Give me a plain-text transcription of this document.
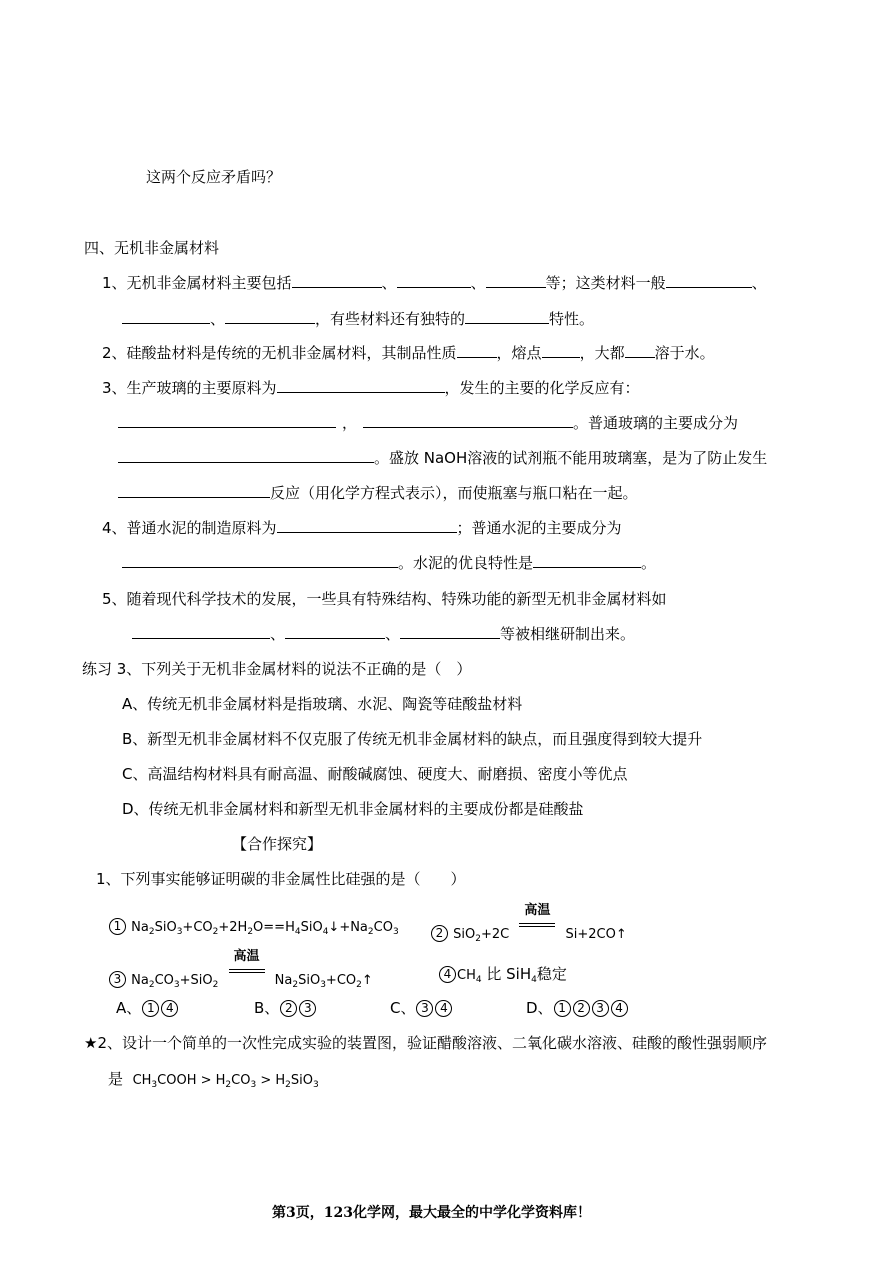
这两个反应矛盾吗？
四、无机非金属材料
1、无机非金属材料主要包括	、	、	等；这类材料一般	、
、	，有些材料还有独特的	特性。
2、硅酸盐材料是传统的无机非金属材料，其制品性质	，熔点	，大都 溶于水。
3、生产玻璃的主要原料为	，发生的主要的化学反应有：
，	。普通玻璃的主要成分为
。盛放 NaOH溶液的试剂瓶不能用玻璃塞，是为了防止发生
反应（用化学方程式表示），而使瓶塞与瓶口粘在一起。
4、普通水泥的制造原料为	；普通水泥的主要成分为
。水泥的优良特性是	。
5、随着现代科学技术的发展，一些具有特殊结构、特殊功能的新型无机非金属材料如
、	、	等被相继研制出来。
练习 3、下列关于无机非金属材料的说法不正确的是（　）
A、传统无机非金属材料是指玻璃、水泥、陶瓷等硅酸盐材料
B、新型无机非金属材料不仅克服了传统无机非金属材料的缺点，而且强度得到较大提升
C、高温结构材料具有耐高温、耐酸碱腐蚀、硬度大、耐磨损、密度小等优点
D、传统无机非金属材料和新型无机非金属材料的主要成份都是硅酸盐
【合作探究】
1、下列事实能够证明碳的非金属性比硅强的是（　　）
1 $Na_2SiO_3+CO_2+2H_2O==H_4SiO_4↓+Na_2CO_3$	2 SiO$_2$+2C
高温
Si+2CO↑
3 $Na_2CO_3+SiO_2$
高温
$Na_2SiO_3+CO_2↑$	4 $CH_4$ 比 SiH$_4$稳定
A、 1 4	B、 2 3	C、 3 4	D、 1 2 3 4
★2、设计一个简单的一次性完成实验的装置图，验证醋酸溶液、二氧化碳水溶液、硅酸的酸性强弱顺序
是 $CH_3COOH > H_2CO_3 > H_2SiO_3$
第3页，123化学网，最大最全的中学化学资料库！
